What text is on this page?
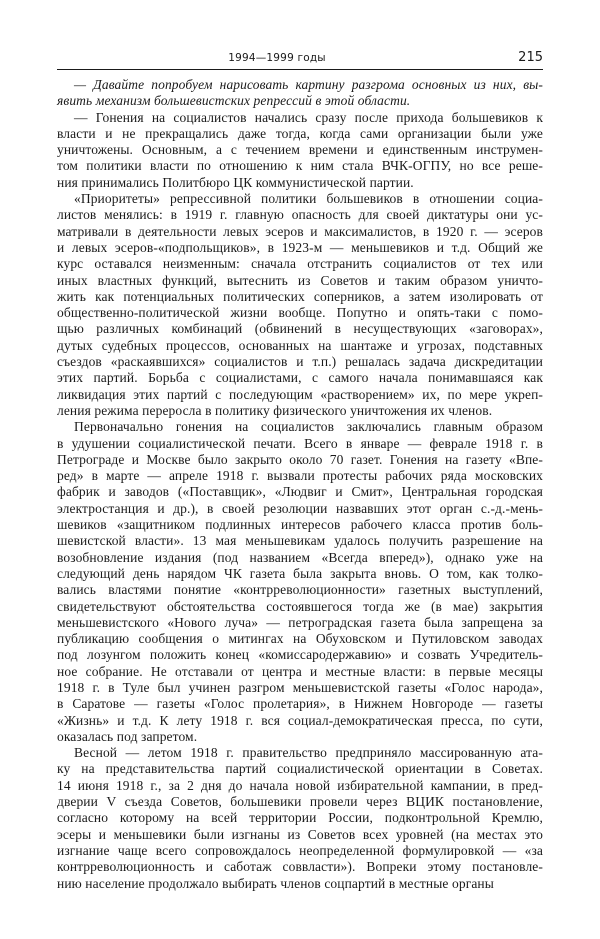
1994—1999 годы	215
— Давайте попробуем нарисовать картину разгрома основных из них, вы-
явить механизм большевистских репрессий в этой области.
— Гонения на социалистов начались сразу после прихода большевиков к
власти и не прекращались даже тогда, когда сами организации были уже
уничтожены. Основным, а с течением времени и единственным инструмен-
том политики власти по отношению к ним стала ВЧК-ОГПУ, но все реше-
ния принимались Политбюро ЦК коммунистической партии.
«Приоритеты» репрессивной политики большевиков в отношении социа-
листов менялись: в 1919 г. главную опасность для своей диктатуры они ус-
матривали в деятельности левых эсеров и максималистов, в 1920 г. — эсеров
и левых эсеров-«подпольщиков», в 1923-м — меньшевиков и т.д. Общий же
курс оставался неизменным: сначала отстранить социалистов от тех или
иных властных функций, вытеснить из Советов и таким образом уничто-
жить как потенциальных политических соперников, а затем изолировать от
общественно-политической жизни вообще. Попутно и опять-таки с помо-
щью различных комбинаций (обвинений в несуществующих «заговорах»,
дутых судебных процессов, основанных на шантаже и угрозах, подставных
съездов «раскаявшихся» социалистов и т.п.) решалась задача дискредитации
этих партий. Борьба с социалистами, с самого начала понимавшаяся как
ликвидация этих партий с последующим «растворением» их, по мере укреп-
ления режима переросла в политику физического уничтожения их членов.
Первоначально гонения на социалистов заключались главным образом
в удушении социалистической печати. Всего в январе — феврале 1918 г. в
Петрограде и Москве было закрыто около 70 газет. Гонения на газету «Впе-
ред» в марте — апреле 1918 г. вызвали протесты рабочих ряда московских
фабрик и заводов («Поставщик», «Людвиг и Смит», Центральная городская
электростанция и др.), в своей резолюции назвавших этот орган с.-д.-мень-
шевиков «защитником подлинных интересов рабочего класса против боль-
шевистской власти». 13 мая меньшевикам удалось получить разрешение на
возобновление издания (под названием «Всегда вперед»), однако уже на
следующий день нарядом ЧК газета была закрыта вновь. О том, как толко-
вались властями понятие «контрреволюционности» газетных выступлений,
свидетельствуют обстоятельства состоявшегося тогда же (в мае) закрытия
меньшевистского «Нового луча» — петроградская газета была запрещена за
публикацию сообщения о митингах на Обуховском и Путиловском заводах
под лозунгом положить конец «комиссародержавию» и созвать Учредитель-
ное собрание. Не отставали от центра и местные власти: в первые месяцы
1918 г. в Туле был учинен разгром меньшевистской газеты «Голос народа»,
в Саратове — газеты «Голос пролетария», в Нижнем Новгороде — газеты
«Жизнь» и т.д. К лету 1918 г. вся социал-демократическая пресса, по сути,
оказалась под запретом.
Весной — летом 1918 г. правительство предприняло массированную ата-
ку на представительства партий социалистической ориентации в Советах.
14 июня 1918 г., за 2 дня до начала новой избирательной кампании, в пред-
дверии V съезда Советов, большевики провели через ВЦИК постановление,
согласно которому на всей территории России, подконтрольной Кремлю,
эсеры и меньшевики были изгнаны из Советов всех уровней (на местах это
изгнание чаще всего сопровождалось неопределенной формулировкой — «за
контрреволюционность и саботаж соввласти»). Вопреки этому постановле-
нию население продолжало выбирать членов соцпартий в местные органы
